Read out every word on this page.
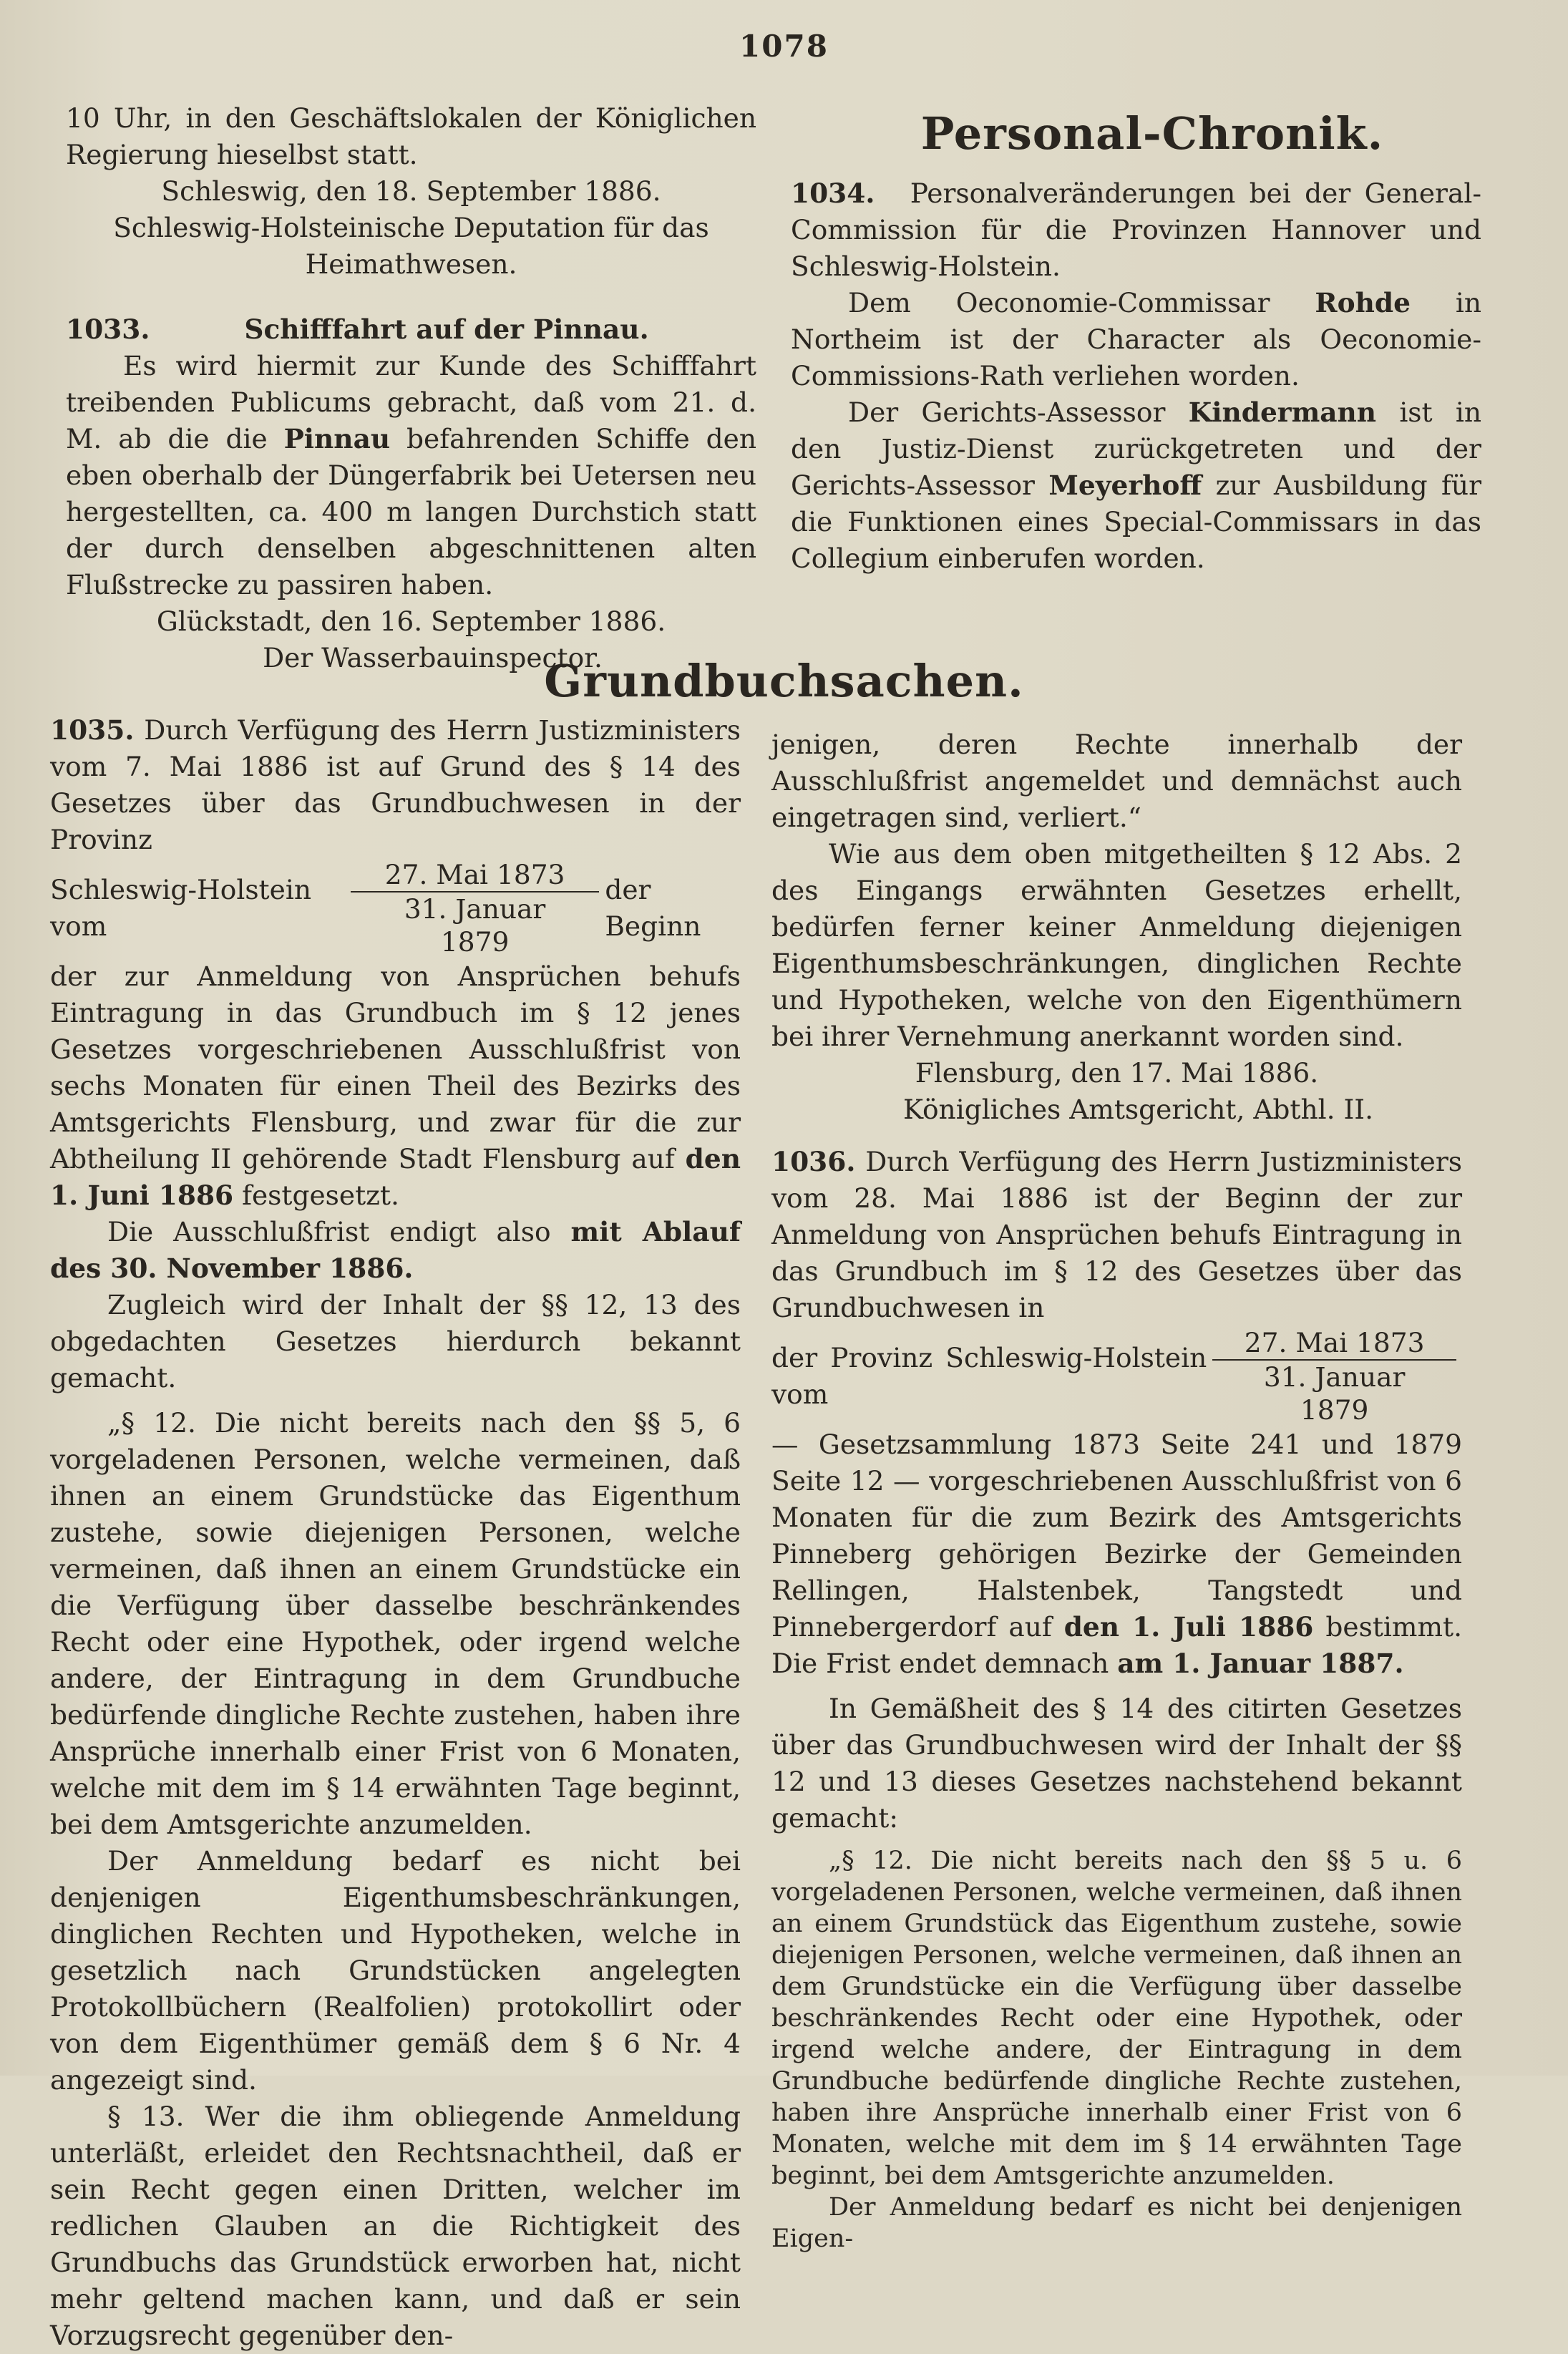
1078

10 Uhr, in den Geschäftslokalen der Königlichen Regierung hieselbst statt.

Schleswig, den 18. September 1886.

Schleswig-Holsteinische Deputation für das Heimathwesen.

1033.	Schifffahrt auf der Pinnau.

Es wird hiermit zur Kunde des Schifffahrt treibenden Publicums gebracht, daß vom 21. d. M. ab die die Pinnau befahrenden Schiffe den eben oberhalb der Düngerfabrik bei Uetersen neu hergestellten, ca. 400 m langen Durchstich statt der durch denselben abgeschnittenen alten Flußstrecke zu passiren haben.

Glückstadt, den 16. September 1886.

Der Wasserbauinspector.

Personal-Chronik.

1034. Personalveränderungen bei der General-Commission für die Provinzen Hannover und Schleswig-Holstein.

Dem Oeconomie-Commissar Rohde in Northeim ist der Character als Oeconomie-Commissions-Rath verliehen worden.

Der Gerichts-Assessor Kindermann ist in den Justiz-Dienst zurückgetreten und der Gerichts-Assessor Meyerhoff zur Ausbildung für die Funktionen eines Special-Commissars in das Collegium einberufen worden.

Grundbuchsachen.

1035. Durch Verfügung des Herrn Justizministers vom 7. Mai 1886 ist auf Grund des § 14 des Gesetzes über das Grundbuchwesen in der Provinz

Schleswig-Holstein vom	$\frac{\text{27. Mai 1873}}{\text{31. Januar 1879}}$ der Beginn

der zur Anmeldung von Ansprüchen behufs Eintragung in das Grundbuch im § 12 jenes Gesetzes vorgeschriebenen Ausschlußfrist von sechs Monaten für einen Theil des Bezirks des Amtsgerichts Flensburg, und zwar für die zur Abtheilung II gehörende Stadt Flensburg auf den 1. Juni 1886 festgesetzt.

Die Ausschlußfrist endigt also mit Ablauf des 30. November 1886.

Zugleich wird der Inhalt der §§ 12, 13 des obgedachten Gesetzes hierdurch bekannt gemacht.

„§ 12. Die nicht bereits nach den §§ 5, 6 vorgeladenen Personen, welche vermeinen, daß ihnen an einem Grundstücke das Eigenthum zustehe, sowie diejenigen Personen, welche vermeinen, daß ihnen an einem Grundstücke ein die Verfügung über dasselbe beschränkendes Recht oder eine Hypothek, oder irgend welche andere, der Eintragung in dem Grundbuche bedürfende dingliche Rechte zustehen, haben ihre Ansprüche innerhalb einer Frist von 6 Monaten, welche mit dem im § 14 erwähnten Tage beginnt, bei dem Amtsgerichte anzumelden.

Der Anmeldung bedarf es nicht bei denjenigen Eigenthumsbeschränkungen, dinglichen Rechten und Hypotheken, welche in gesetzlich nach Grundstücken angelegten Protokollbüchern (Realfolien) protokollirt oder von dem Eigenthümer gemäß dem § 6 Nr. 4 angezeigt sind.

§ 13. Wer die ihm obliegende Anmeldung unterläßt, erleidet den Rechtsnachtheil, daß er sein Recht gegen einen Dritten, welcher im redlichen Glauben an die Richtigkeit des Grundbuchs das Grundstück erworben hat, nicht mehr geltend machen kann, und daß er sein Vorzugsrecht gegenüber den-

jenigen, deren Rechte innerhalb der Ausschlußfrist angemeldet und demnächst auch eingetragen sind, verliert.“

Wie aus dem oben mitgetheilten § 12 Abs. 2 des Eingangs erwähnten Gesetzes erhellt, bedürfen ferner keiner Anmeldung diejenigen Eigenthumsbeschränkungen, dinglichen Rechte und Hypotheken, welche von den Eigenthümern bei ihrer Vernehmung anerkannt worden sind.

Flensburg, den 17. Mai 1886.

Königliches Amtsgericht, Abthl. II.

1036. Durch Verfügung des Herrn Justizministers vom 28. Mai 1886 ist der Beginn der zur Anmeldung von Ansprüchen behufs Eintragung in das Grundbuch im § 12 des Gesetzes über das Grundbuchwesen in

der Provinz Schleswig-Holstein vom	$\frac{\text{27. Mai 1873}}{\text{31. Januar 1879}}$

— Gesetzsammlung 1873 Seite 241 und 1879 Seite 12 — vorgeschriebenen Ausschlußfrist von 6 Monaten für die zum Bezirk des Amtsgerichts Pinneberg gehörigen Bezirke der Gemeinden Rellingen, Halstenbek, Tangstedt und Pinnebergerdorf auf den 1. Juli 1886 bestimmt. Die Frist endet demnach am 1. Januar 1887.

In Gemäßheit des § 14 des citirten Gesetzes über das Grundbuchwesen wird der Inhalt der §§ 12 und 13 dieses Gesetzes nachstehend bekannt gemacht:

„§ 12. Die nicht bereits nach den §§ 5 u. 6 vorgeladenen Personen, welche vermeinen, daß ihnen an einem Grundstück das Eigenthum zustehe, sowie diejenigen Personen, welche vermeinen, daß ihnen an dem Grundstücke ein die Verfügung über dasselbe beschränkendes Recht oder eine Hypothek, oder irgend welche andere, der Eintragung in dem Grundbuche bedürfende dingliche Rechte zustehen, haben ihre Ansprüche innerhalb einer Frist von 6 Monaten, welche mit dem im § 14 erwähnten Tage beginnt, bei dem Amtsgerichte anzumelden.

Der Anmeldung bedarf es nicht bei denjenigen Eigen-
